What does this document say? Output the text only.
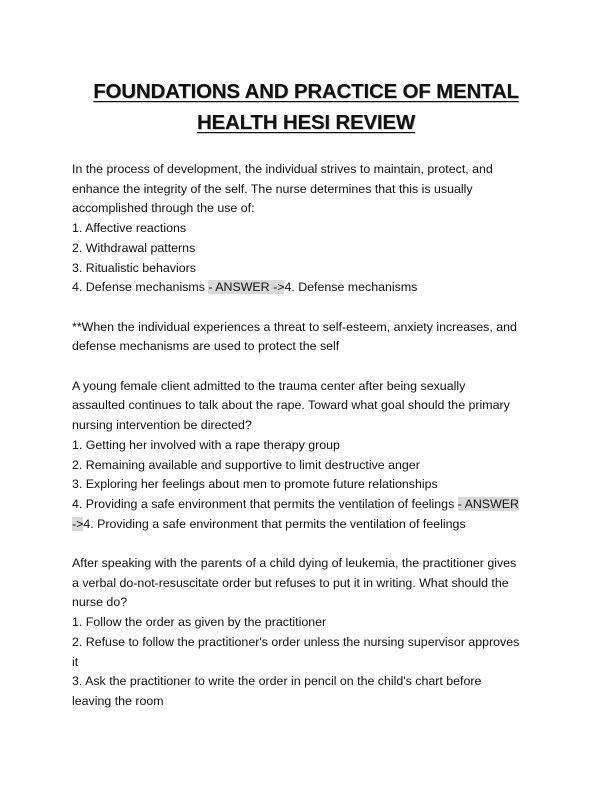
FOUNDATIONS AND PRACTICE OF MENTAL
HEALTH HESI REVIEW
In the process of development, the individual strives to maintain, protect, and
enhance the integrity of the self. The nurse determines that this is usually
accomplished through the use of:
1. Affective reactions
2. Withdrawal patterns
3. Ritualistic behaviors
4. Defense mechanisms - ANSWER ->4. Defense mechanisms
**When the individual experiences a threat to self-esteem, anxiety increases, and
defense mechanisms are used to protect the self
A young female client admitted to the trauma center after being sexually
assaulted continues to talk about the rape. Toward what goal should the primary
nursing intervention be directed?
1. Getting her involved with a rape therapy group
2. Remaining available and supportive to limit destructive anger
3. Exploring her feelings about men to promote future relationships
4. Providing a safe environment that permits the ventilation of feelings - ANSWER
->4. Providing a safe environment that permits the ventilation of feelings
After speaking with the parents of a child dying of leukemia, the practitioner gives
a verbal do-not-resuscitate order but refuses to put it in writing. What should the
nurse do?
1. Follow the order as given by the practitioner
2. Refuse to follow the practitioner's order unless the nursing supervisor approves
it
3. Ask the practitioner to write the order in pencil on the child's chart before
leaving the room
